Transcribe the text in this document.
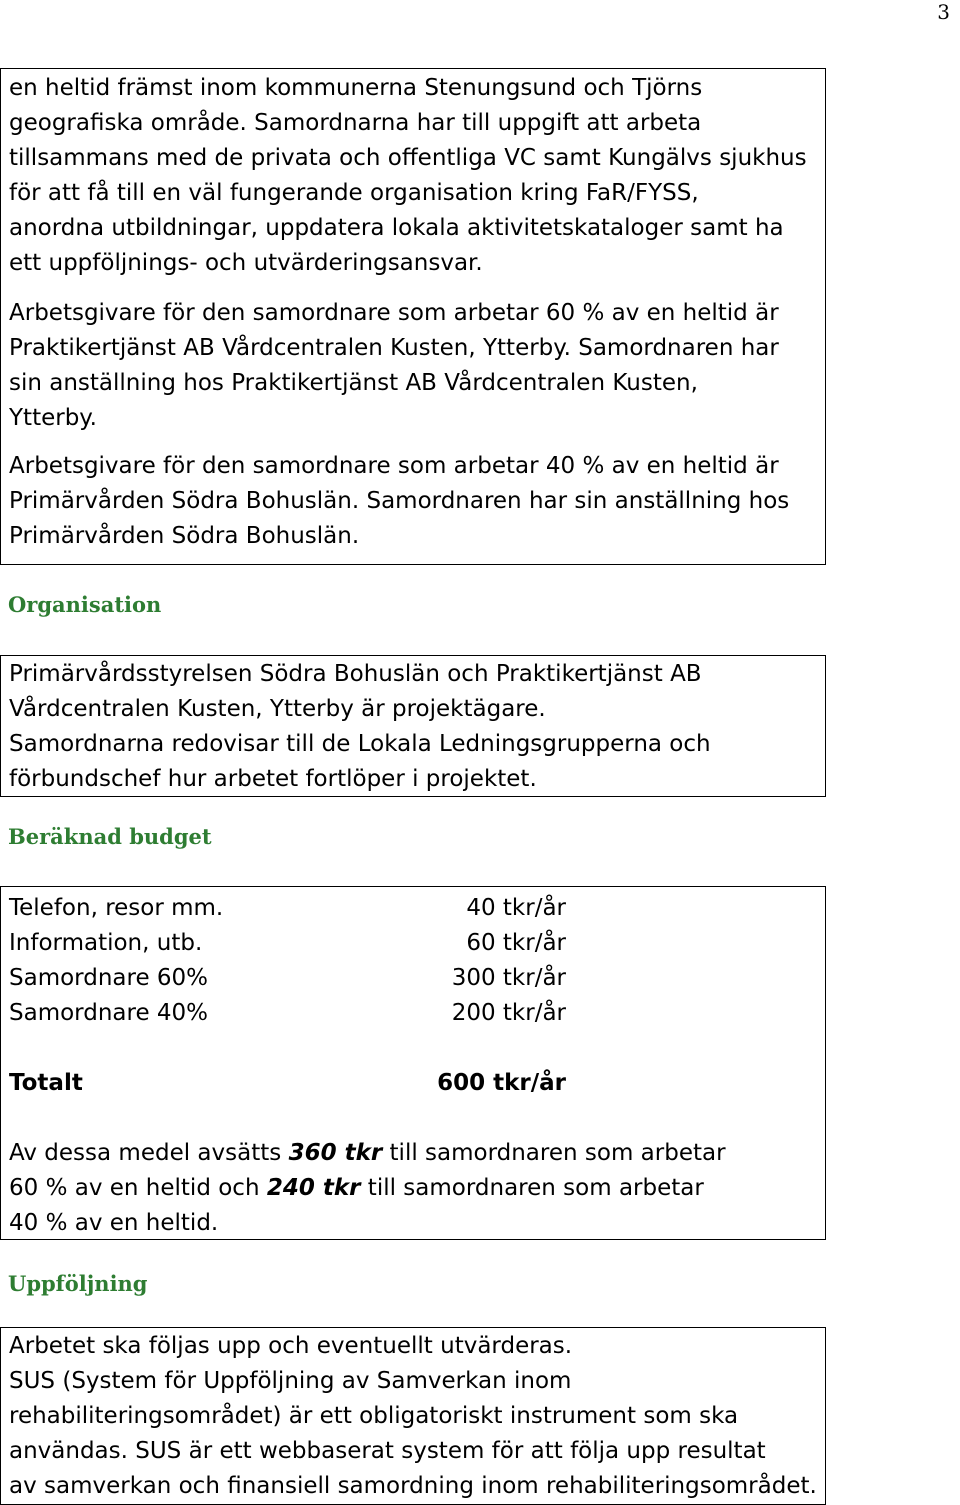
3
en heltid främst inom kommunerna Stenungsund och Tjörns
geografiska område. Samordnarna har till uppgift att arbeta
tillsammans med de privata och offentliga VC samt Kungälvs sjukhus
för att få till en väl fungerande organisation kring FaR/FYSS,
anordna utbildningar, uppdatera lokala aktivitetskataloger samt ha
ett uppföljnings- och utvärderingsansvar.
Arbetsgivare för den samordnare som arbetar 60 % av en heltid är
Praktikertjänst AB Vårdcentralen Kusten, Ytterby. Samordnaren har
sin anställning hos Praktikertjänst AB Vårdcentralen Kusten,
Ytterby.
Arbetsgivare för den samordnare som arbetar 40 % av en heltid är
Primärvården Södra Bohuslän. Samordnaren har sin anställning hos
Primärvården Södra Bohuslän.
Organisation
Primärvårdsstyrelsen Södra Bohuslän och Praktikertjänst AB
Vårdcentralen Kusten, Ytterby är projektägare.
Samordnarna redovisar till de Lokala Ledningsgrupperna och
förbundschef hur arbetet fortlöper i projektet.
Beräknad budget
Telefon, resor mm.	40 tkr/år
Information, utb.	60 tkr/år
Samordnare 60%	300 tkr/år
Samordnare 40%	200 tkr/år
Totalt	600 tkr/år
Av dessa medel avsätts 360 tkr till samordnaren som arbetar
60 % av en heltid och 240 tkr till samordnaren som arbetar
40 % av en heltid.
Uppföljning
Arbetet ska följas upp och eventuellt utvärderas.
SUS (System för Uppföljning av Samverkan inom
rehabiliteringsområdet) är ett obligatoriskt instrument som ska
användas. SUS är ett webbaserat system för att följa upp resultat
av samverkan och finansiell samordning inom rehabiliteringsområdet.
